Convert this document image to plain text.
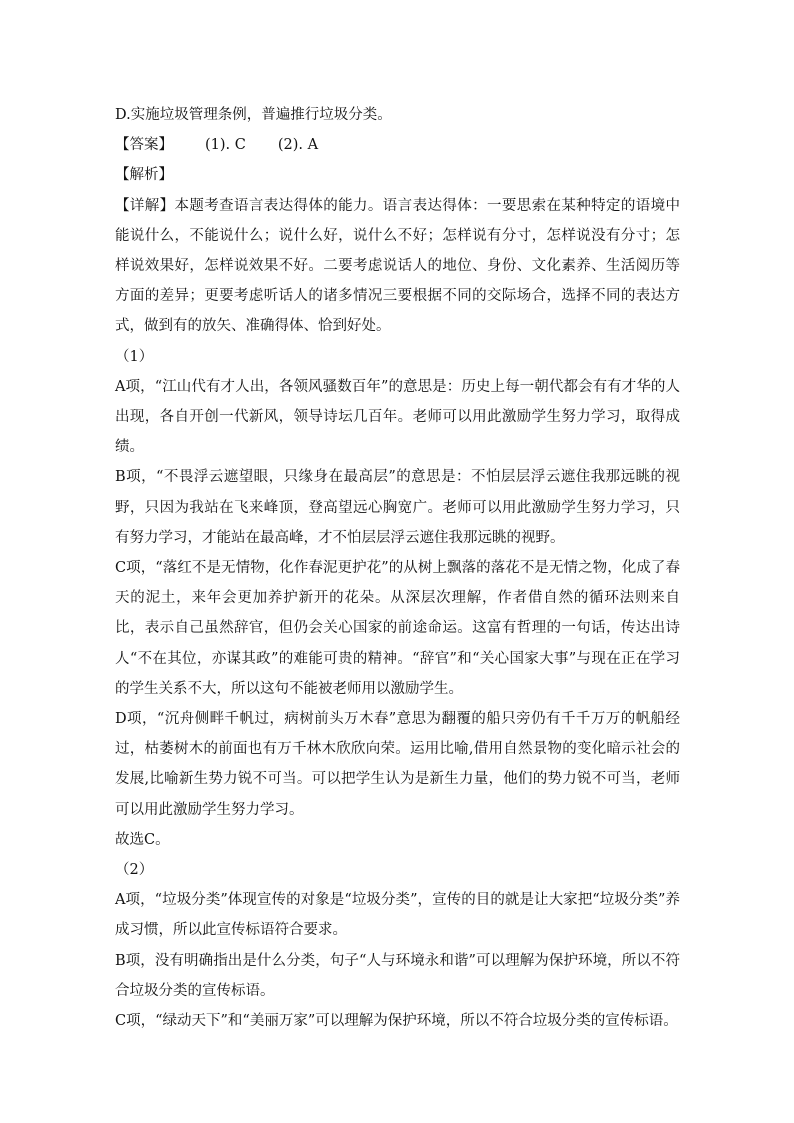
D.实施垃圾管理条例，普遍推行垃圾分类。

【答案】 (1). C (2). A

【解析】

【详解】本题考查语言表达得体的能力。语言表达得体：一要思索在某种特定的语境中能说什么，不能说什么；说什么好，说什么不好；怎样说有分寸，怎样说没有分寸；怎样说效果好，怎样说效果不好。二要考虑说话人的地位、身份、文化素养、生活阅历等方面的差异；更要考虑听话人的诸多情况三要根据不同的交际场合，选择不同的表达方式，做到有的放矢、准确得体、恰到好处。

（1）

A项，“江山代有才人出，各领风骚数百年”的意思是：历史上每一朝代都会有有才华的人出现，各自开创一代新风，领导诗坛几百年。老师可以用此激励学生努力学习，取得成绩。

B项，“不畏浮云遮望眼，只缘身在最高层”的意思是：不怕层层浮云遮住我那远眺的视野，只因为我站在飞来峰顶，登高望远心胸宽广。老师可以用此激励学生努力学习，只有努力学习，才能站在最高峰，才不怕层层浮云遮住我那远眺的视野。

C项，“落红不是无情物，化作春泥更护花”的从树上飘落的落花不是无情之物，化成了春天的泥土，来年会更加养护新开的花朵。从深层次理解，作者借自然的循环法则来自比，表示自己虽然辞官，但仍会关心国家的前途命运。这富有哲理的一句话，传达出诗人“不在其位，亦谋其政”的难能可贵的精神。“辞官”和“关心国家大事”与现在正在学习的学生关系不大，所以这句不能被老师用以激励学生。

D项，“沉舟侧畔千帆过，病树前头万木春”意思为翻覆的船只旁仍有千千万万的帆船经过，枯萎树木的前面也有万千林木欣欣向荣。运用比喻,借用自然景物的变化暗示社会的发展,比喻新生势力锐不可当。可以把学生认为是新生力量，他们的势力锐不可当，老师可以用此激励学生努力学习。

故选C。

（2）

A项，“垃圾分类”体现宣传的对象是“垃圾分类”，宣传的目的就是让大家把“垃圾分类”养成习惯，所以此宣传标语符合要求。

B项，没有明确指出是什么分类，句子“人与环境永和谐”可以理解为保护环境，所以不符合垃圾分类的宣传标语。

C项，“绿动天下”和“美丽万家”可以理解为保护环境，所以不符合垃圾分类的宣传标语。
